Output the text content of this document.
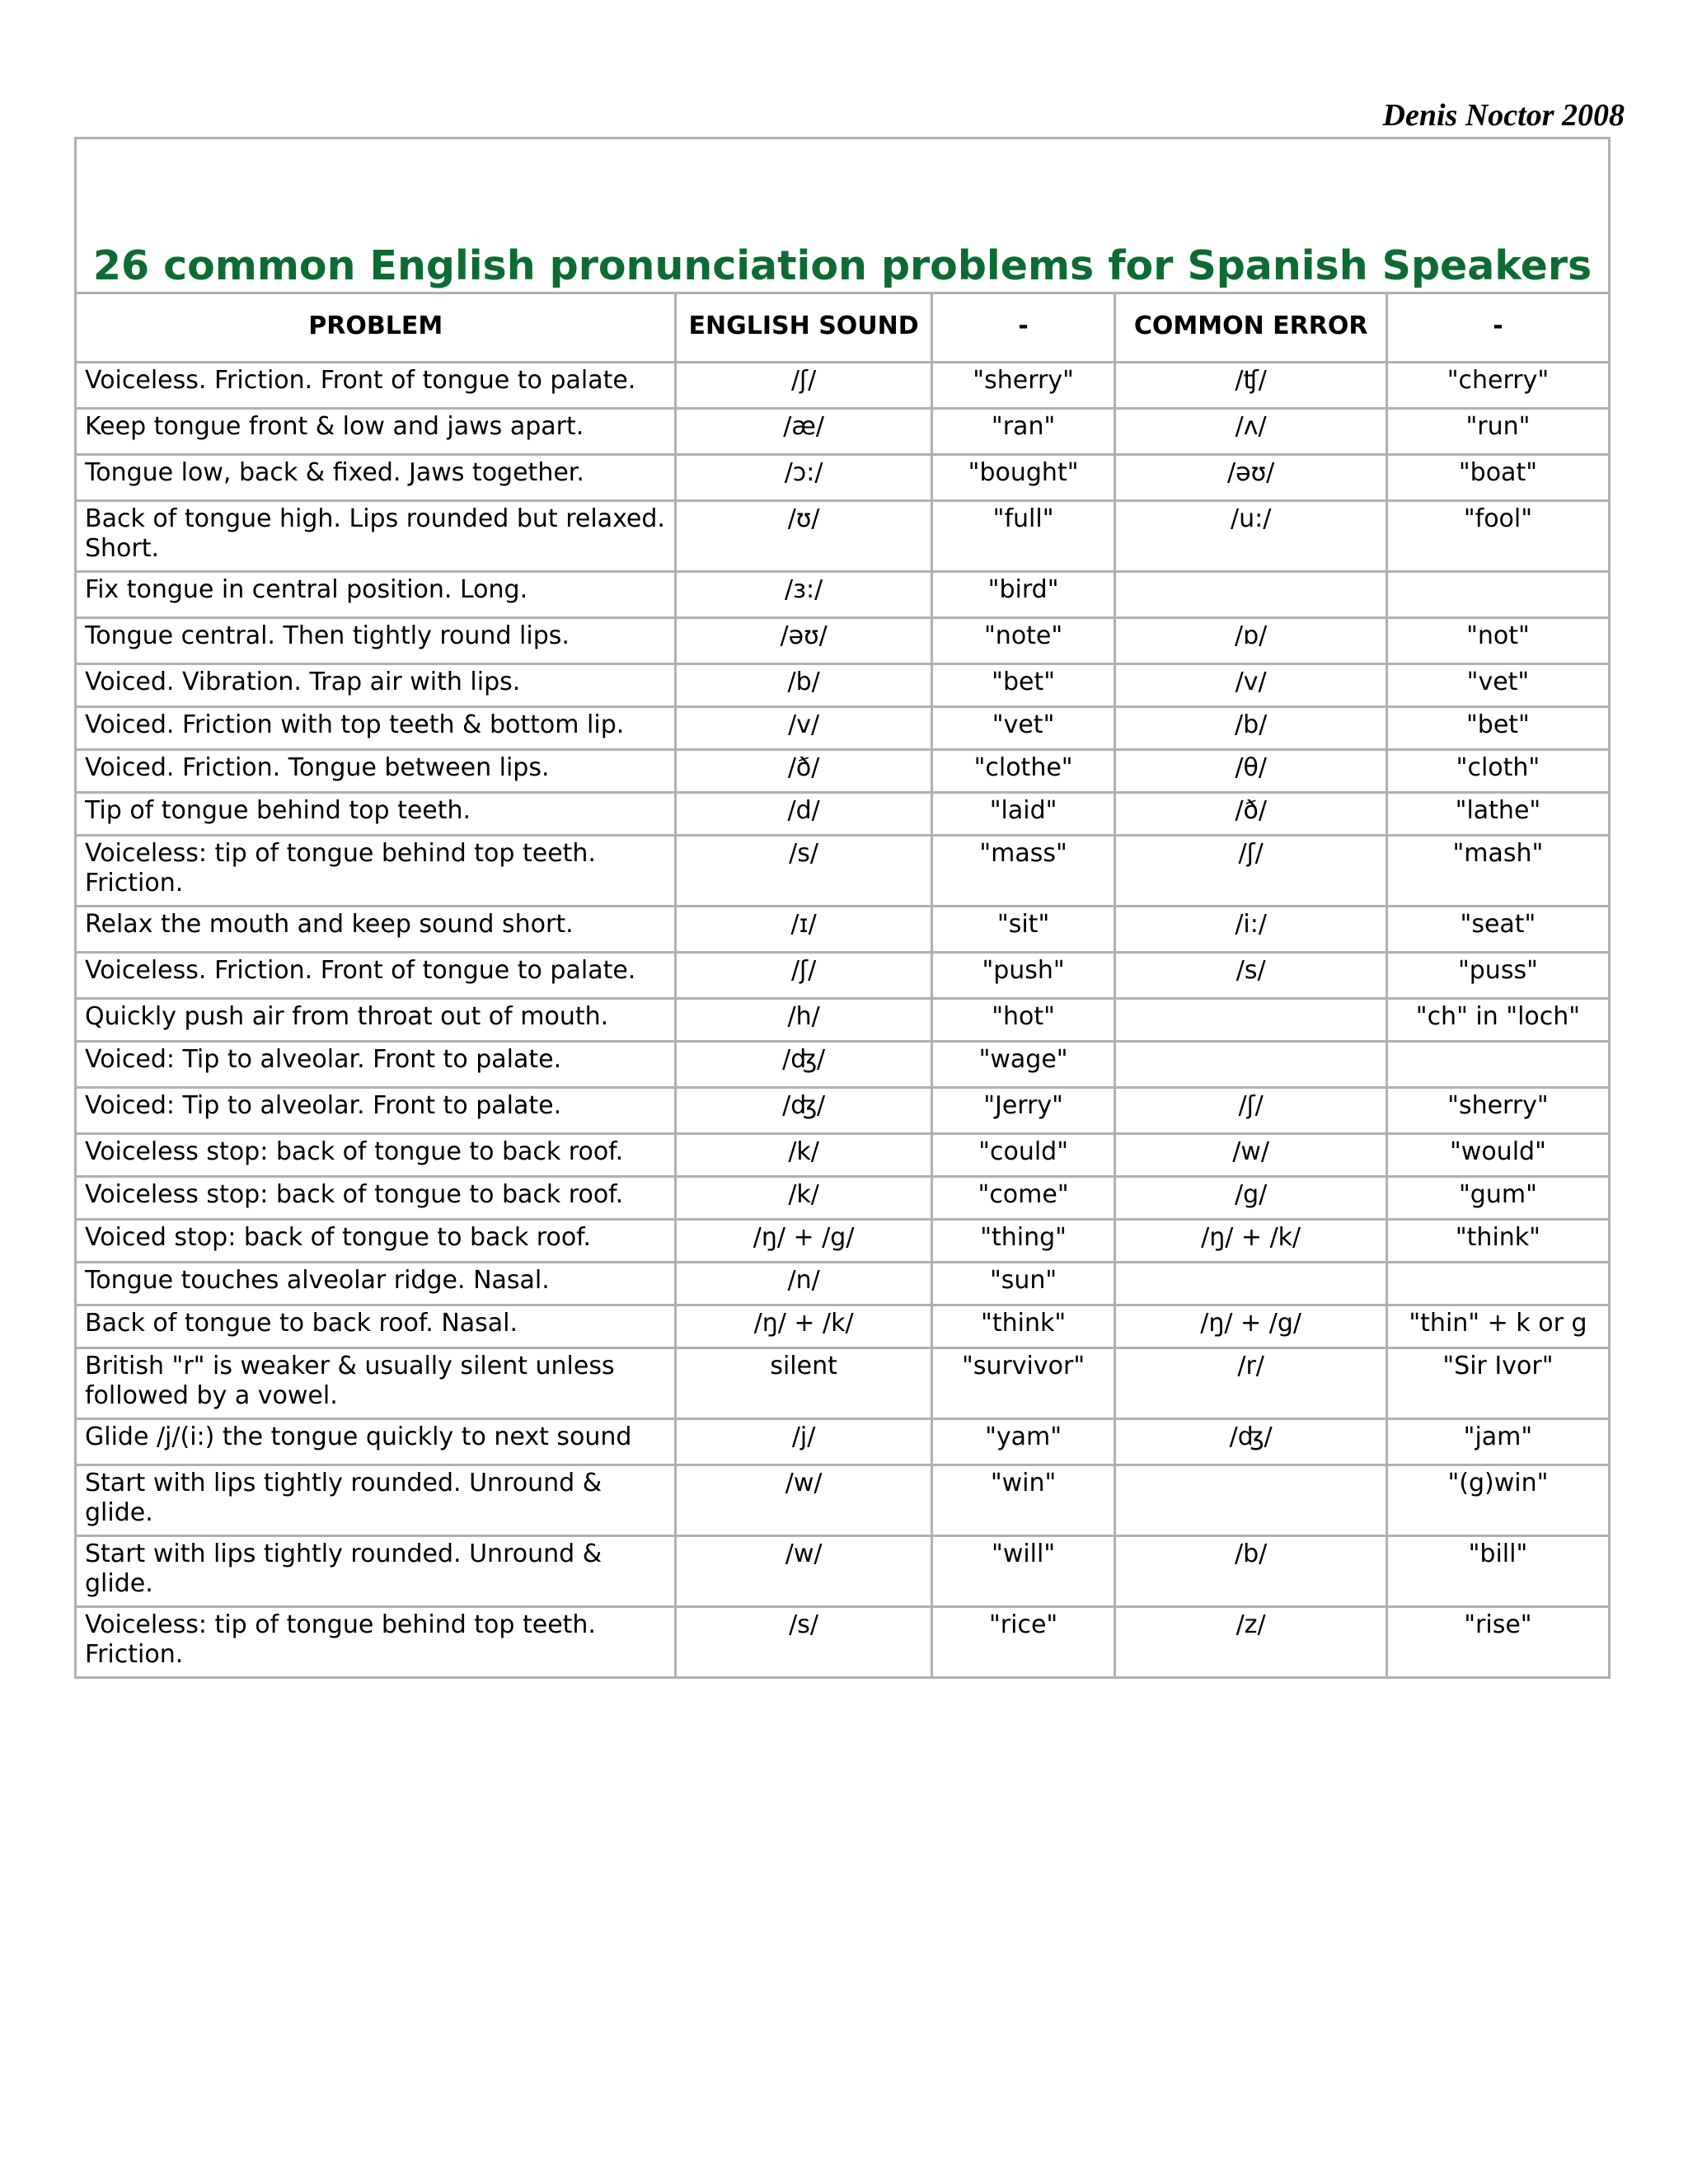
Denis Noctor 2008
26 common English pronunciation problems for Spanish Speakers				
PROBLEM	ENGLISH SOUND	-	COMMON ERROR	-
Voiceless. Friction. Front of tongue to palate.	/ʃ/	"sherry"	/ʧ/	"cherry"
Keep tongue front & low and jaws apart.	/æ/	"ran"	/ʌ/	"run"
Tongue low, back & fixed. Jaws together.	/ɔ:/	"bought"	/əʊ/	"boat"
Back of tongue high. Lips rounded but relaxed. Short.	/ʊ/	"full"	/u:/	"fool"
Fix tongue in central position. Long.	/ɜ:/	"bird"		
Tongue central. Then tightly round lips.	/əʊ/	"note"	/ɒ/	"not"
Voiced. Vibration. Trap air with lips.	/b/	"bet"	/v/	"vet"
Voiced. Friction with top teeth & bottom lip.	/v/	"vet"	/b/	"bet"
Voiced. Friction. Tongue between lips.	/ð/	"clothe"	/θ/	"cloth"
Tip of tongue behind top teeth.	/d/	"laid"	/ð/	"lathe"
Voiceless: tip of tongue behind top teeth. Friction.	/s/	"mass"	/ʃ/	"mash"
Relax the mouth and keep sound short.	/ɪ/	"sit"	/i:/	"seat"
Voiceless. Friction. Front of tongue to palate.	/ʃ/	"push"	/s/	"puss"
Quickly push air from throat out of mouth.	/h/	"hot"		"ch" in "loch"
Voiced: Tip to alveolar. Front to palate.	/ʤ/	"wage"		
Voiced: Tip to alveolar. Front to palate.	/ʤ/	"Jerry"	/ʃ/	"sherry"
Voiceless stop: back of tongue to back roof.	/k/	"could"	/w/	"would"
Voiceless stop: back of tongue to back roof.	/k/	"come"	/g/	"gum"
Voiced stop: back of tongue to back roof.	/ŋ/ + /g/	"thing"	/ŋ/ + /k/	"think"
Tongue touches alveolar ridge. Nasal.	/n/	"sun"		
Back of tongue to back roof. Nasal.	/ŋ/ + /k/	"think"	/ŋ/ + /g/	"thin" + k or g
British "r" is weaker & usually silent unless followed by a vowel.	silent	"survivor"	/r/	"Sir Ivor"
Glide /j/(i:) the tongue quickly to next sound	/j/	"yam"	/ʤ/	"jam"
Start with lips tightly rounded. Unround & glide.	/w/	"win"		"(g)win"
Start with lips tightly rounded. Unround & glide.	/w/	"will"	/b/	"bill"
Voiceless: tip of tongue behind top teeth. Friction.	/s/	"rice"	/z/	"rise"
